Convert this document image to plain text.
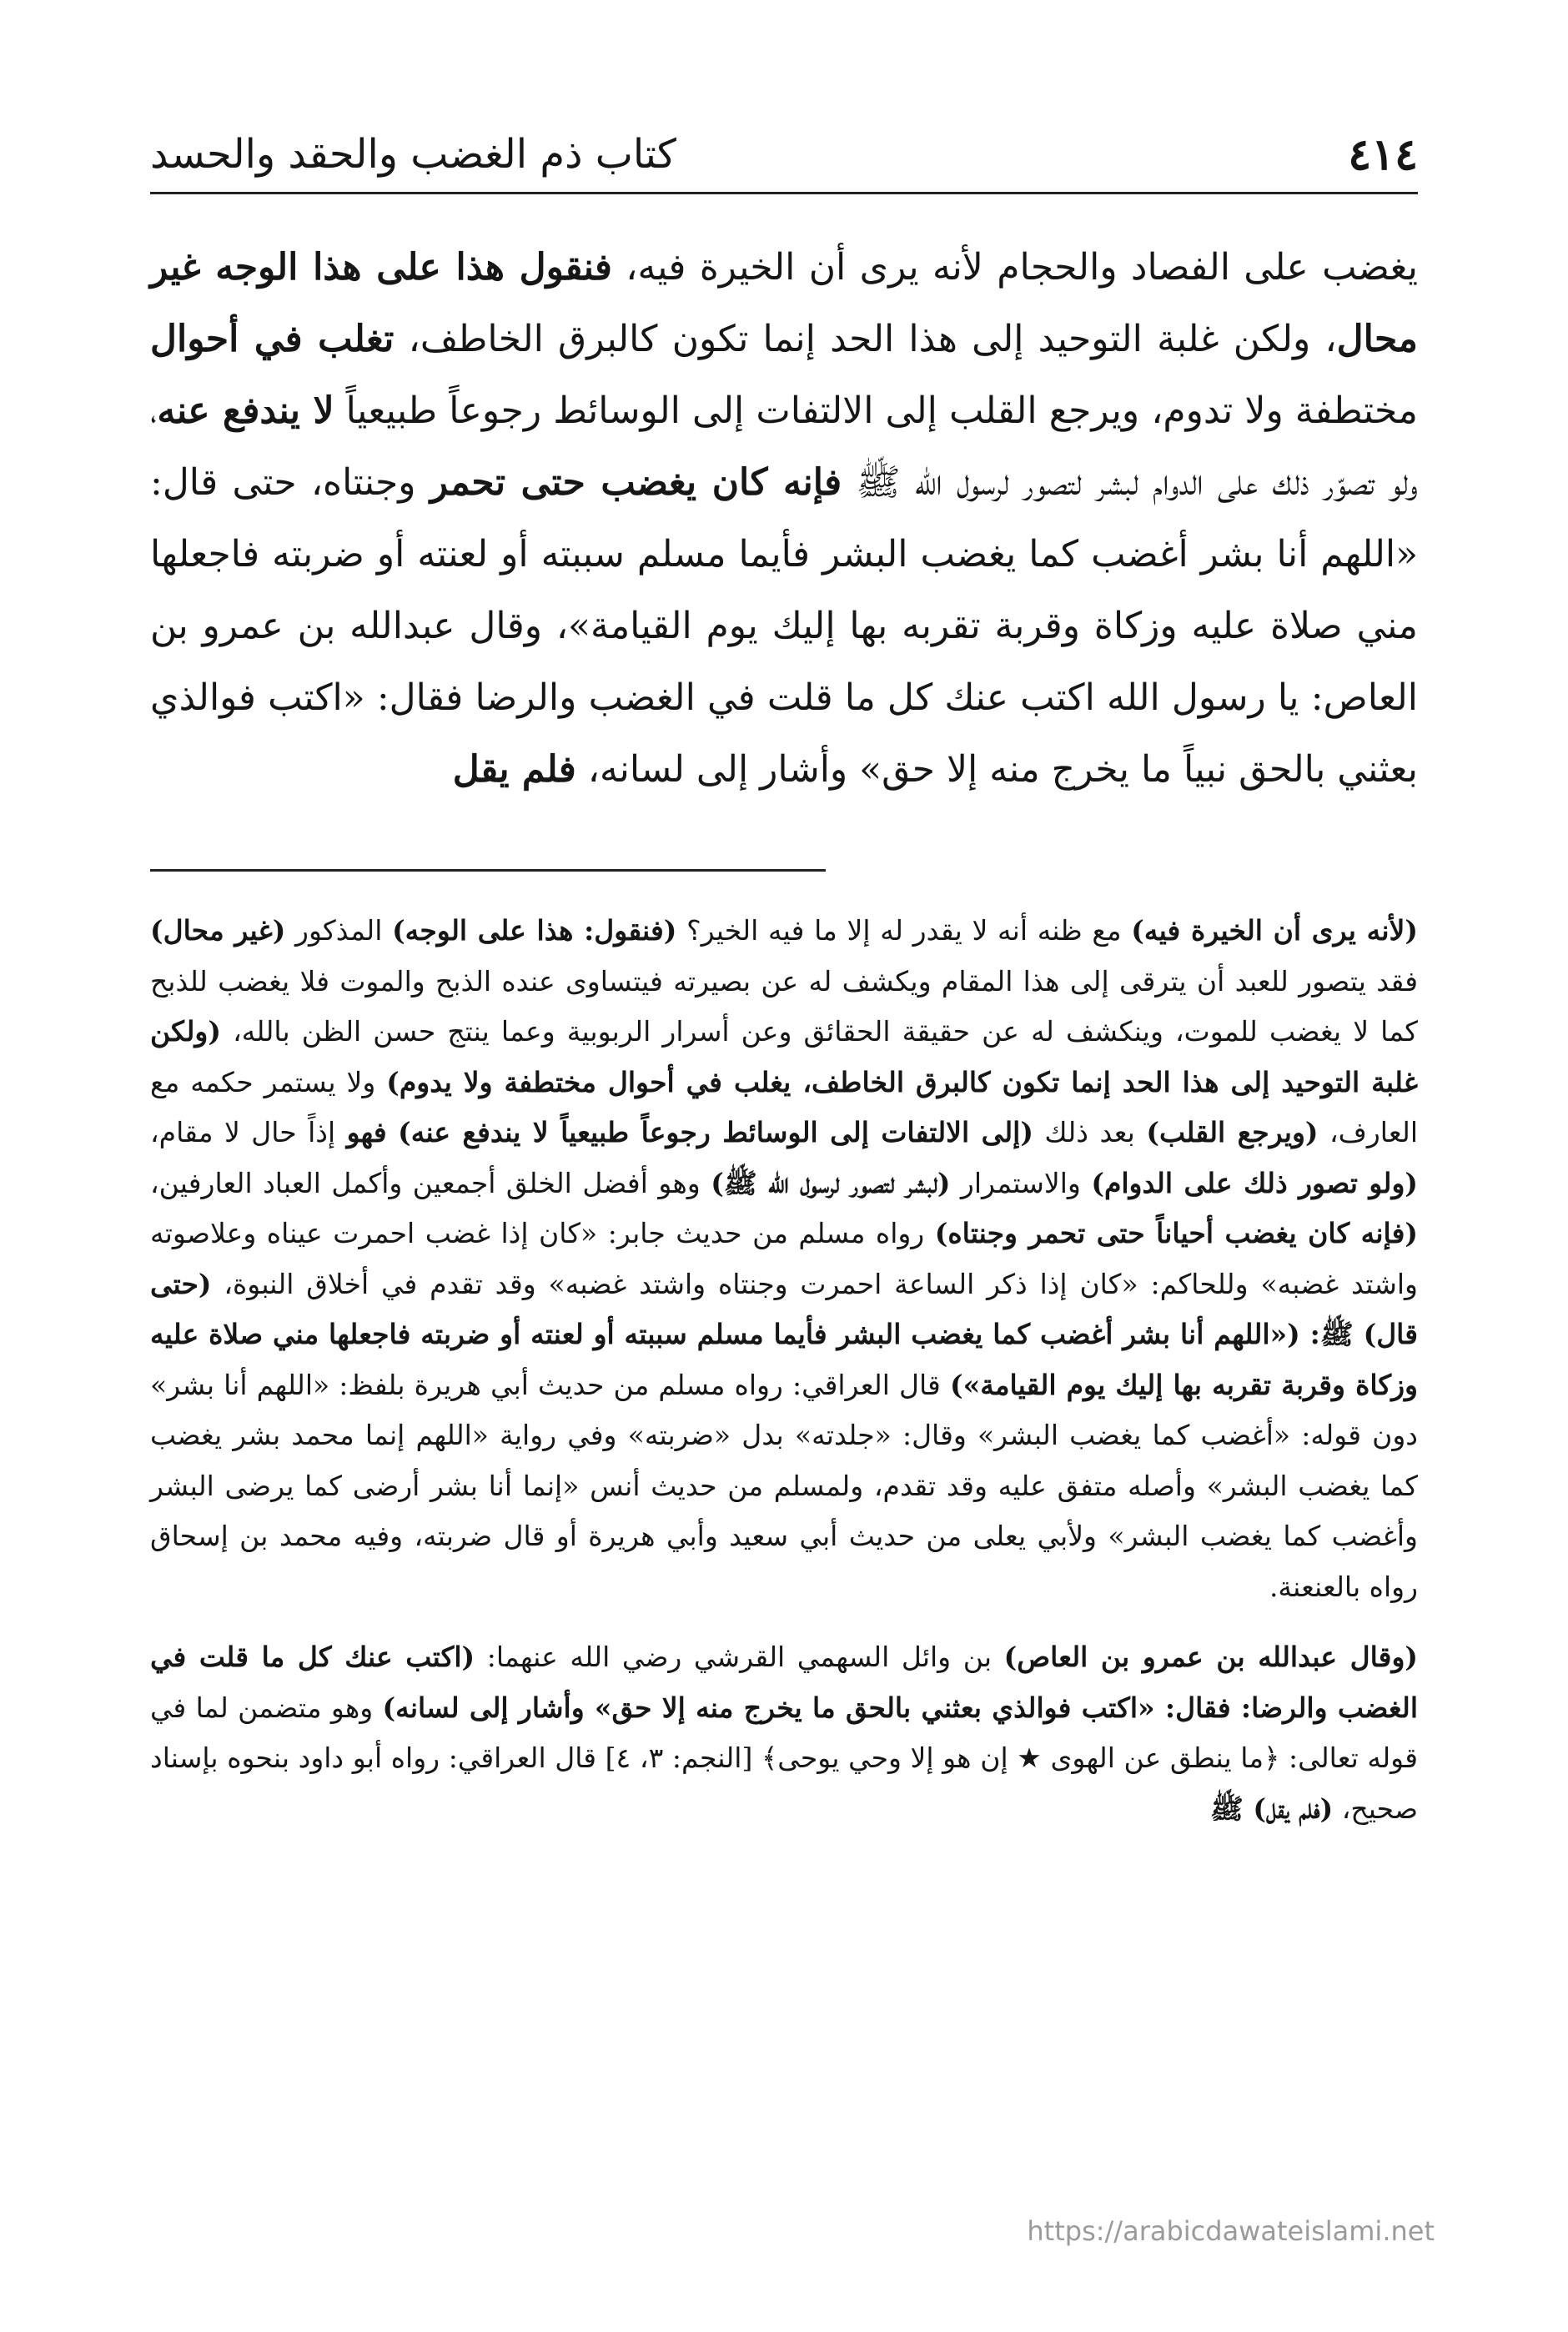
٤١٤
كتاب ذم الغضب والحقد والحسد

يغضب على الفصاد والحجام لأنه يرى أن الخيرة فيه، فنقول هذا على هذا الوجه غير محال، ولكن غلبة التوحيد إلى هذا الحد إنما تكون كالبرق الخاطف، تغلب في أحوال مختطفة ولا تدوم، ويرجع القلب إلى الالتفات إلى الوسائط رجوعاً طبيعياً لا يندفع عنه، ولو تصوّر ذلك على الدوام لبشر لتصور لرسول الله ﷺ فإنه كان يغضب حتى تحمر وجنتاه، حتى قال: «اللهم أنا بشر أغضب كما يغضب البشر فأيما مسلم سببته أو لعنته أو ضربته فاجعلها مني صلاة عليه وزكاة وقربة تقربه بها إليك يوم القيامة»، وقال عبدالله بن عمرو بن العاص: يا رسول الله اكتب عنك كل ما قلت في الغضب والرضا فقال: «اكتب فوالذي بعثني بالحق نبياً ما يخرج منه إلا حق» وأشار إلى لسانه، فلم يقل

(لأنه يرى أن الخيرة فيه) مع ظنه أنه لا يقدر له إلا ما فيه الخير؟ (فنقول: هذا على الوجه) المذكور (غير محال) فقد يتصور للعبد أن يترقى إلى هذا المقام ويكشف له عن بصيرته فيتساوى عنده الذبح والموت فلا يغضب للذبح كما لا يغضب للموت، وينكشف له عن حقيقة الحقائق وعن أسرار الربوبية وعما ينتج حسن الظن بالله، (ولكن غلبة التوحيد إلى هذا الحد إنما تكون كالبرق الخاطف، يغلب في أحوال مختطفة ولا يدوم) ولا يستمر حكمه مع العارف، (ويرجع القلب) بعد ذلك (إلى الالتفات إلى الوسائط رجوعاً طبيعياً لا يندفع عنه) فهو إذاً حال لا مقام، (ولو تصور ذلك على الدوام) والاستمرار (لبشر لتصور لرسول الله ﷺ) وهو أفضل الخلق أجمعين وأكمل العباد العارفين، (فإنه كان يغضب أحياناً حتى تحمر وجنتاه) رواه مسلم من حديث جابر: «كان إذا غضب احمرت عيناه وعلاصوته واشتد غضبه» وللحاكم: «كان إذا ذكر الساعة احمرت وجنتاه واشتد غضبه» وقد تقدم في أخلاق النبوة، (حتى قال) ﷺ: («اللهم أنا بشر أغضب كما يغضب البشر فأيما مسلم سببته أو لعنته أو ضربته فاجعلها مني صلاة عليه وزكاة وقربة تقربه بها إليك يوم القيامة») قال العراقي: رواه مسلم من حديث أبي هريرة بلفظ: «اللهم أنا بشر» دون قوله: «أغضب كما يغضب البشر» وقال: «جلدته» بدل «ضربته» وفي رواية «اللهم إنما محمد بشر يغضب كما يغضب البشر» وأصله متفق عليه وقد تقدم، ولمسلم من حديث أنس «إنما أنا بشر أرضى كما يرضى البشر وأغضب كما يغضب البشر» ولأبي يعلى من حديث أبي سعيد وأبي هريرة أو قال ضربته، وفيه محمد بن إسحاق رواه بالعنعنة.

(وقال عبدالله بن عمرو بن العاص) بن وائل السهمي القرشي رضي الله عنهما: (اكتب عنك كل ما قلت في الغضب والرضا: فقال: «اكتب فوالذي بعثني بالحق ما يخرج منه إلا حق» وأشار إلى لسانه) وهو متضمن لما في قوله تعالى: ﴿ما ينطق عن الهوى ★ إن هو إلا وحي يوحى﴾ [النجم: ٣، ٤] قال العراقي: رواه أبو داود بنحوه بإسناد صحيح، (فلم يقل) ﷺ

https://arabicdawateislami.net
